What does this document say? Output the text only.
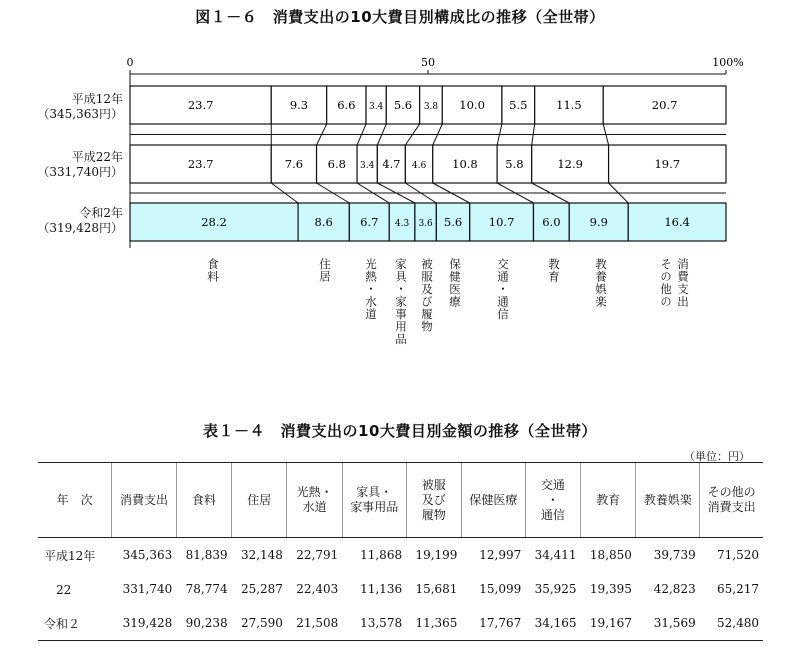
図１－６　消費支出の10大費目別構成比の推移（全世帯）
0	50	100%
23.7	9.3	6.6 3.4 5.6 3.8 10.0 5.5 11.5	20.7
23.7	7.6 6.8 3.4 4.7 4.6 10.8 5.8	12.9	19.7
28.2	8.6 6.7 4.3 3.6 5.6 10.7 6.0	9.9	16.4
平成12年
（345,363円）
平成22年
（331,740円）
令和2年
（319,428円）
食料	住居	光熱・水道 家具・家事用品 被服及び履物 保健医療	交通・通信	教育	教養娯楽	消費支出
その他の
表１－４　消費支出の10大費目別金額の推移（全世帯）
（単位：円）
年　次	消費支出	食料	住居	光熱・
水道	家具・
家事用品	被服
及び
履物	保健医療	交通
・
通信	教育	教養娯楽	その他の
消費支出
平成12年	345,363	81,839	32,148	22,791	11,868	19,199	12,997	34,411	18,850	39,739	71,520
　22	331,740	78,774	25,287	22,403	11,136	15,681	15,099	35,925	19,395	42,823	65,217
令和２	319,428	90,238	27,590	21,508	13,578	11,365	17,767	34,165	19,167	31,569	52,480
